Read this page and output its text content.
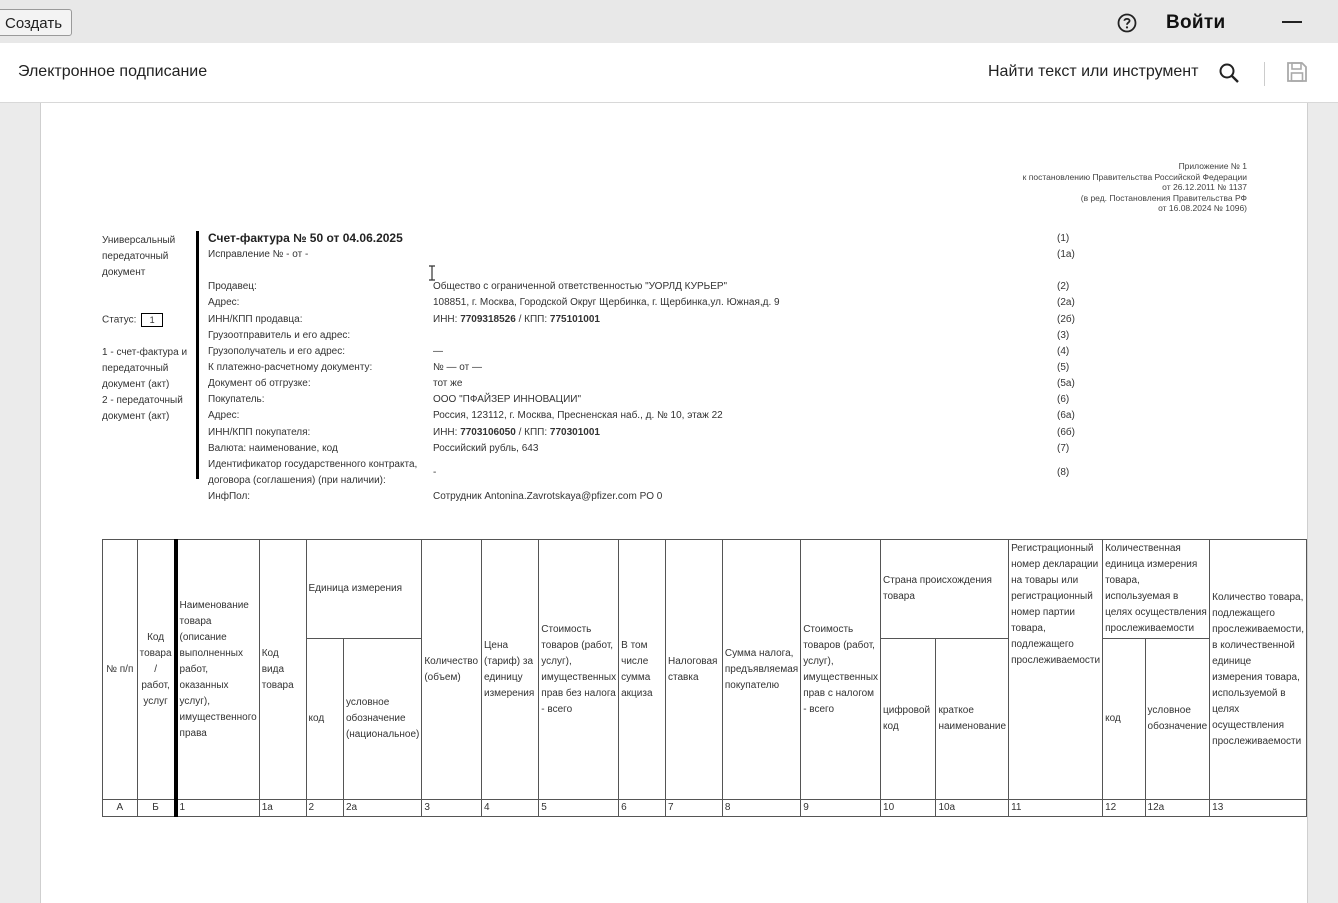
Создать	Войти
Электронное подписание	Найти текст или инструмент
Приложение № 1
к постановлению Правительства Российской Федерации
от 26.12.2011 № 1137
(в ред. Постановления Правительства РФ
от 16.08.2024 № 1096)
Универсальный передаточный документ
Статус: 1
1 - счет-фактура и передаточный документ (акт)
2 - передаточный документ (акт)
Счет-фактура № 50 от 04.06.2025	(1)
Исправление № - от -	(1а)
Продавец:	Общество с ограниченной ответственностью "УОРЛД КУРЬЕР"	(2)
Адрес:	108851, г. Москва, Городской Округ Щербинка, г. Щербинка,ул. Южная,д. 9	(2а)
ИНН/КПП продавца:	ИНН: 7709318526 / КПП: 775101001	(2б)
Грузоотправитель и его адрес:	(3)
Грузополучатель и его адрес:	—	(4)
К платежно-расчетному документу:	№ — от —	(5)
Документ об отгрузке:	тот же	(5а)
Покупатель:	ООО "ПФАЙЗЕР ИННОВАЦИИ"	(6)
Адрес:	Россия, 123112, г. Москва, Пресненская наб., д. № 10, этаж 22	(6а)
ИНН/КПП покупателя:	ИНН: 7703106050 / КПП: 770301001	(6б)
Валюта: наименование, код	Российский рубль, 643	(7)
Идентификатор государственного контракта,
договора (соглашения) (при наличии):
-	(8)
ИнфПол:	Сотрудник Antonina.Zavrotskaya@pfizer.com PO 0
№ п/п	Код товара / работ, услуг	Наименование товара (описание выполненных работ, оказанных услуг), имущественного права	Код вида товара	Единица измерения		Количество (объем)	Цена (тариф) за единицу измерения	Стоимость товаров (работ, услуг), имущественных прав без налога - всего	В том числе сумма акциза	Налоговая ставка	Сумма налога, предъявляемая покупателю	Стоимость товаров (работ, услуг), имущественных прав с налогом - всего	Страна происхождения товара		Регистрационный номер декларации на товары или регистрационный номер партии товара, подлежащего прослеживаемости	Количественная единица измерения товара, используемая в целях осуществления прослеживаемости		Количество товара, подлежащего прослеживаемости, в количественной единице измерения товара, используемой в целях осуществления прослеживаемости
				код	условное обозначение (национальное)								цифровой код	краткое наименование		код	условное обозначение	
А	Б	1	1а	2	2а	3	4	5	6	7	8	9	10	10а	11	12	12а	13
